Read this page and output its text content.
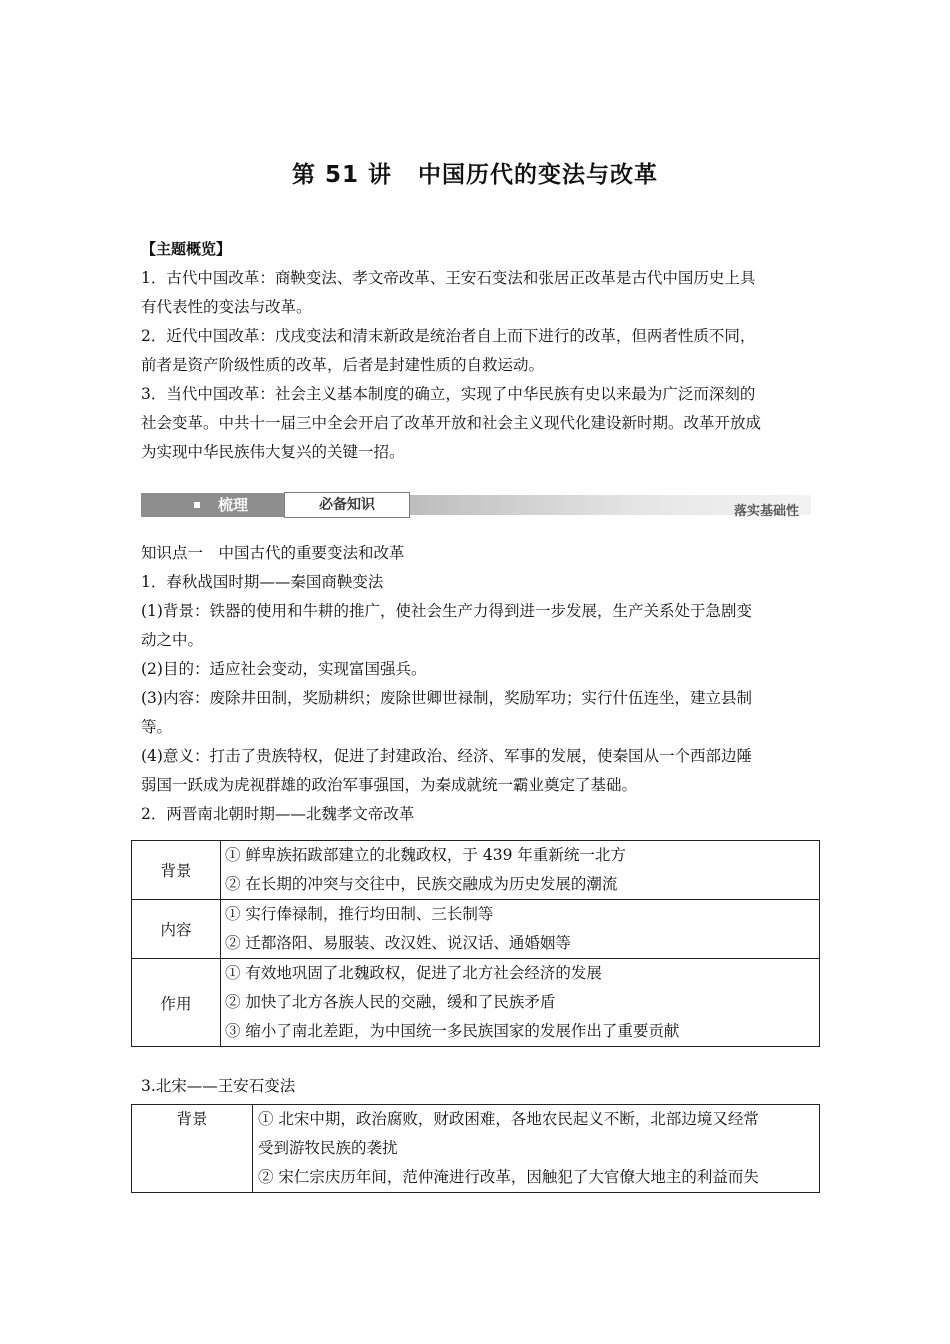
第 51 讲 中国历代的变法与改革
【主题概览】
1．古代中国改革：商鞅变法、孝文帝改革、王安石变法和张居正改革是古代中国历史上具
有代表性的变法与改革。
2．近代中国改革：戊戌变法和清末新政是统治者自上而下进行的改革，但两者性质不同，
前者是资产阶级性质的改革，后者是封建性质的自救运动。
3．当代中国改革：社会主义基本制度的确立，实现了中华民族有史以来最为广泛而深刻的
社会变革。中共十一届三中全会开启了改革开放和社会主义现代化建设新时期。改革开放成
为实现中华民族伟大复兴的关键一招。
梳理	必备知识	落实基础性
知识点一　中国古代的重要变法和改革
1．春秋战国时期——秦国商鞅变法
(1)背景：铁器的使用和牛耕的推广，使社会生产力得到进一步发展，生产关系处于急剧变
动之中。
(2)目的：适应社会变动，实现富国强兵。
(3)内容：废除井田制，奖励耕织；废除世卿世禄制，奖励军功；实行什伍连坐，建立县制
等。
(4)意义：打击了贵族特权，促进了封建政治、经济、军事的发展，使秦国从一个西部边陲
弱国一跃成为虎视群雄的政治军事强国，为秦成就统一霸业奠定了基础。
2．两晋南北朝时期——北魏孝文帝改革
背景	① 鲜卑族拓跋部建立的北魏政权，于 439 年重新统一北方
② 在长期的冲突与交往中，民族交融成为历史发展的潮流

内容	① 实行俸禄制，推行均田制、三长制等
② 迁都洛阳、易服装、改汉姓、说汉话、通婚姻等

作用	① 有效地巩固了北魏政权，促进了北方社会经济的发展
② 加快了北方各族人民的交融，缓和了民族矛盾
③ 缩小了南北差距，为中国统一多民族国家的发展作出了重要贡献
3.北宋——王安石变法
背景	① 北宋中期，政治腐败，财政困难，各地农民起义不断，北部边境又经常
受到游牧民族的袭扰
② 宋仁宗庆历年间，范仲淹进行改革，因触犯了大官僚大地主的利益而失
